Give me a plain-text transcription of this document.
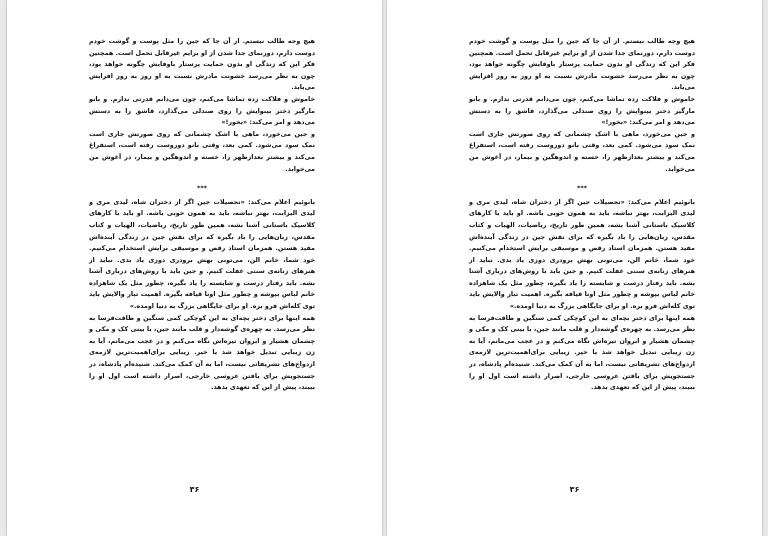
هیچ وجه طالب نیستم. از آن جا که جین را مثل پوست و گوشت خودم دوست دارم، دورنمای جدا شدن از او برایم غیرقابل تحمل است. همچنین فکر این که زندگی او بدون حمایت پرستار باوفایش چگونه خواهد بود، چون به نظر می‌رسد خشونت مادرش نسبت به او روز به روز افزایش می‌یابد.

خاموش و فلاکت زده تماشا می‌کنم، چون می‌دانم قدرتی ندارم. و بانو مارگیر دختر بینوایش را روی صندلی می‌گذارد، قاشق را به دستش می‌دهد و امر می‌کند: «بخور!»

و جین می‌خورد، ماهی با اشک چشمانی که روی صورتش جاری است نمک سود می‌شود. کمی بعد، وقتی بانو دوروست رفته است، استفراغ می‌کند و بیشتر بعدازظهر را، خسته و اندوهگین و بیمار، در آغوش من می‌خوابد.

***

بانوئیم اعلام می‌کند: «تحصیلات جین اگر از دختران شاه، لیدی مری و لیدی الیزابت، بهتر نباشه، باید به همون خوبی باشه. او باید با کارهای کلاسیک باستانی آشنا بشه، همین طور تاریخ، ریاضیات، الهیات و کتاب مقدس، زبان‌هایی را باد بگیره که برای نقش جین در زندگی آینده‌اش مفید هستن. همزمان استاد رقص و موسیقی برایش استخدام می‌کنیم. خود شما، خانم الن، می‌تونی بهش برودری دوزی یاد بدی. نباید از هنرهای زنانه‌ی سنتی غفلت کنیم. و جین باید با روش‌های درباری آشنا بشه. باید رفتار درست و شایسته را یاد بگیره، چطور مثل یک شاهزاده خانم لباس بپوشه و چطور مثل اونا قیافه بگیره. اهمیت تبار والایش باید توی کله‌اش فرو بره. او برای جایگاهی بزرگ به دنیا اومده.»

همه اینها برای دختر بچه‌ای به این کوچکی کمی سنگین و طاقت‌فرسا به نظر می‌رسد. به چهره‌ی گوشه‌دار و قلب مانند جین، با بینی کک و مکی و چشمان هشیار و ابروان تیره‌اش نگاه می‌کنم و در عجب می‌مانم، آیا به زن زیبایی تبدیل خواهد شد یا خیر. زیبایی برای‌اهمیت‌ترین لازمه‌ی ازدواج‌های تشریفاتی نیست، اما به آن کمک می‌کند. شنیده‌ام پادشاه، در جستجویش برای یافتن عروسی خارجی، اصرار داشته است اول او را ببیند، پیش از این که تعهدی بدهد.

۳۶

هیچ وجه طالب نیستم. از آن جا که جین را مثل پوست و گوشت خودم دوست دارم، دورنمای جدا شدن از او برایم غیرقابل تحمل است. همچنین فکر این که زندگی او بدون حمایت پرستار باوفایش چگونه خواهد بود، چون به نظر می‌رسد خشونت مادرش نسبت به او روز به روز افزایش می‌یابد.

خاموش و فلاکت زده تماشا می‌کنم، چون می‌دانم قدرتی ندارم. و بانو مارگیر دختر بینوایش را روی صندلی می‌گذارد، قاشق را به دستش می‌دهد و امر می‌کند: «بخور!»

و جین می‌خورد، ماهی با اشک چشمانی که روی صورتش جاری است نمک سود می‌شود. کمی بعد، وقتی بانو دوروست رفته است، استفراغ می‌کند و بیشتر بعدازظهر را، خسته و اندوهگین و بیمار، در آغوش من می‌خوابد.

***

بانوئیم اعلام می‌کند: «تحصیلات جین اگر از دختران شاه، لیدی مری و لیدی الیزابت، بهتر نباشه، باید به همون خوبی باشه. او باید با کارهای کلاسیک باستانی آشنا بشه، همین طور تاریخ، ریاضیات، الهیات و کتاب مقدس، زبان‌هایی را باد بگیره که برای نقش جین در زندگی آینده‌اش مفید هستن. همزمان استاد رقص و موسیقی برایش استخدام می‌کنیم. خود شما، خانم الن، می‌تونی بهش برودری دوزی یاد بدی. نباید از هنرهای زنانه‌ی سنتی غفلت کنیم. و جین باید با روش‌های درباری آشنا بشه. باید رفتار درست و شایسته را یاد بگیره، چطور مثل یک شاهزاده خانم لباس بپوشه و چطور مثل اونا قیافه بگیره. اهمیت تبار والایش باید توی کله‌اش فرو بره. او برای جایگاهی بزرگ به دنیا اومده.»

همه اینها برای دختر بچه‌ای به این کوچکی کمی سنگین و طاقت‌فرسا به نظر می‌رسد. به چهره‌ی گوشه‌دار و قلب مانند جین، با بینی کک و مکی و چشمان هشیار و ابروان تیره‌اش نگاه می‌کنم و در عجب می‌مانم، آیا به زن زیبایی تبدیل خواهد شد یا خیر. زیبایی برای‌اهمیت‌ترین لازمه‌ی ازدواج‌های تشریفاتی نیست، اما به آن کمک می‌کند. شنیده‌ام پادشاه، در جستجویش برای یافتن عروسی خارجی، اصرار داشته است اول او را ببیند، پیش از این که تعهدی بدهد.

۳۶
